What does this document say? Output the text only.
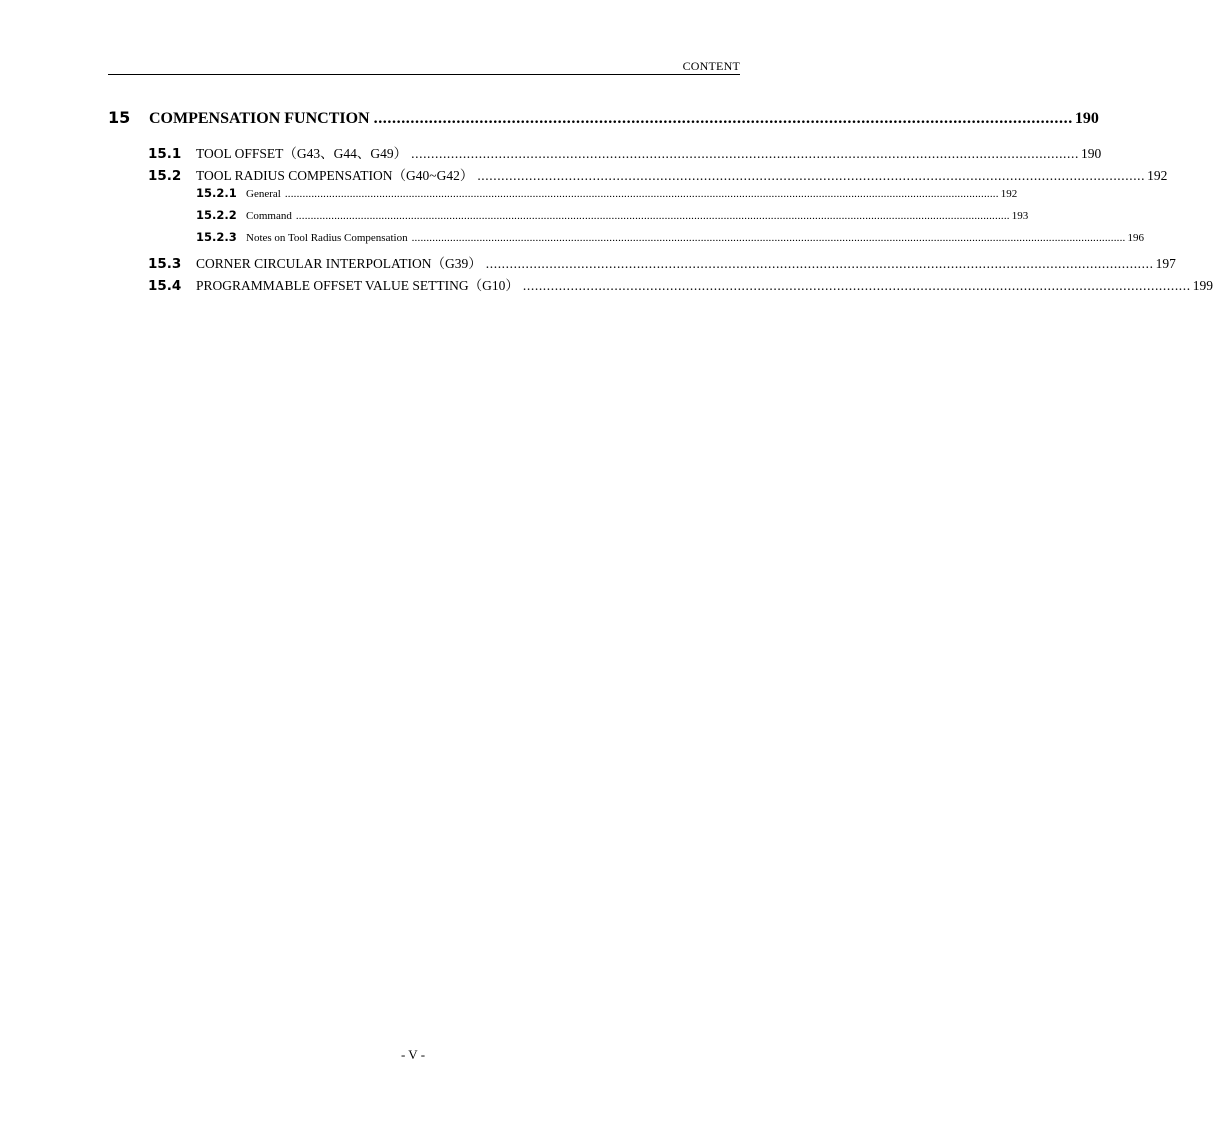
CONTENT
15	COMPENSATION FUNCTION ........................................................................................................................................................ 190
15.1	TOOL OFFSET（G43、G44、G49） ........................................................................................................................................................................ 190
15.2	TOOL RADIUS COMPENSATION（G40~G42） ........................................................................................................................................................................ 192
15.2.1 General .................................................................................................................................................................................................................................................. 192
15.2.2 Command .................................................................................................................................................................................................................................................. 193
15.2.3 Notes on Tool Radius Compensation .................................................................................................................................................................................................................................................. 196
15.3	CORNER CIRCULAR INTERPOLATION（G39） ........................................................................................................................................................................ 197
15.4	PROGRAMMABLE OFFSET VALUE SETTING（G10） ........................................................................................................................................................................ 199
- V -
